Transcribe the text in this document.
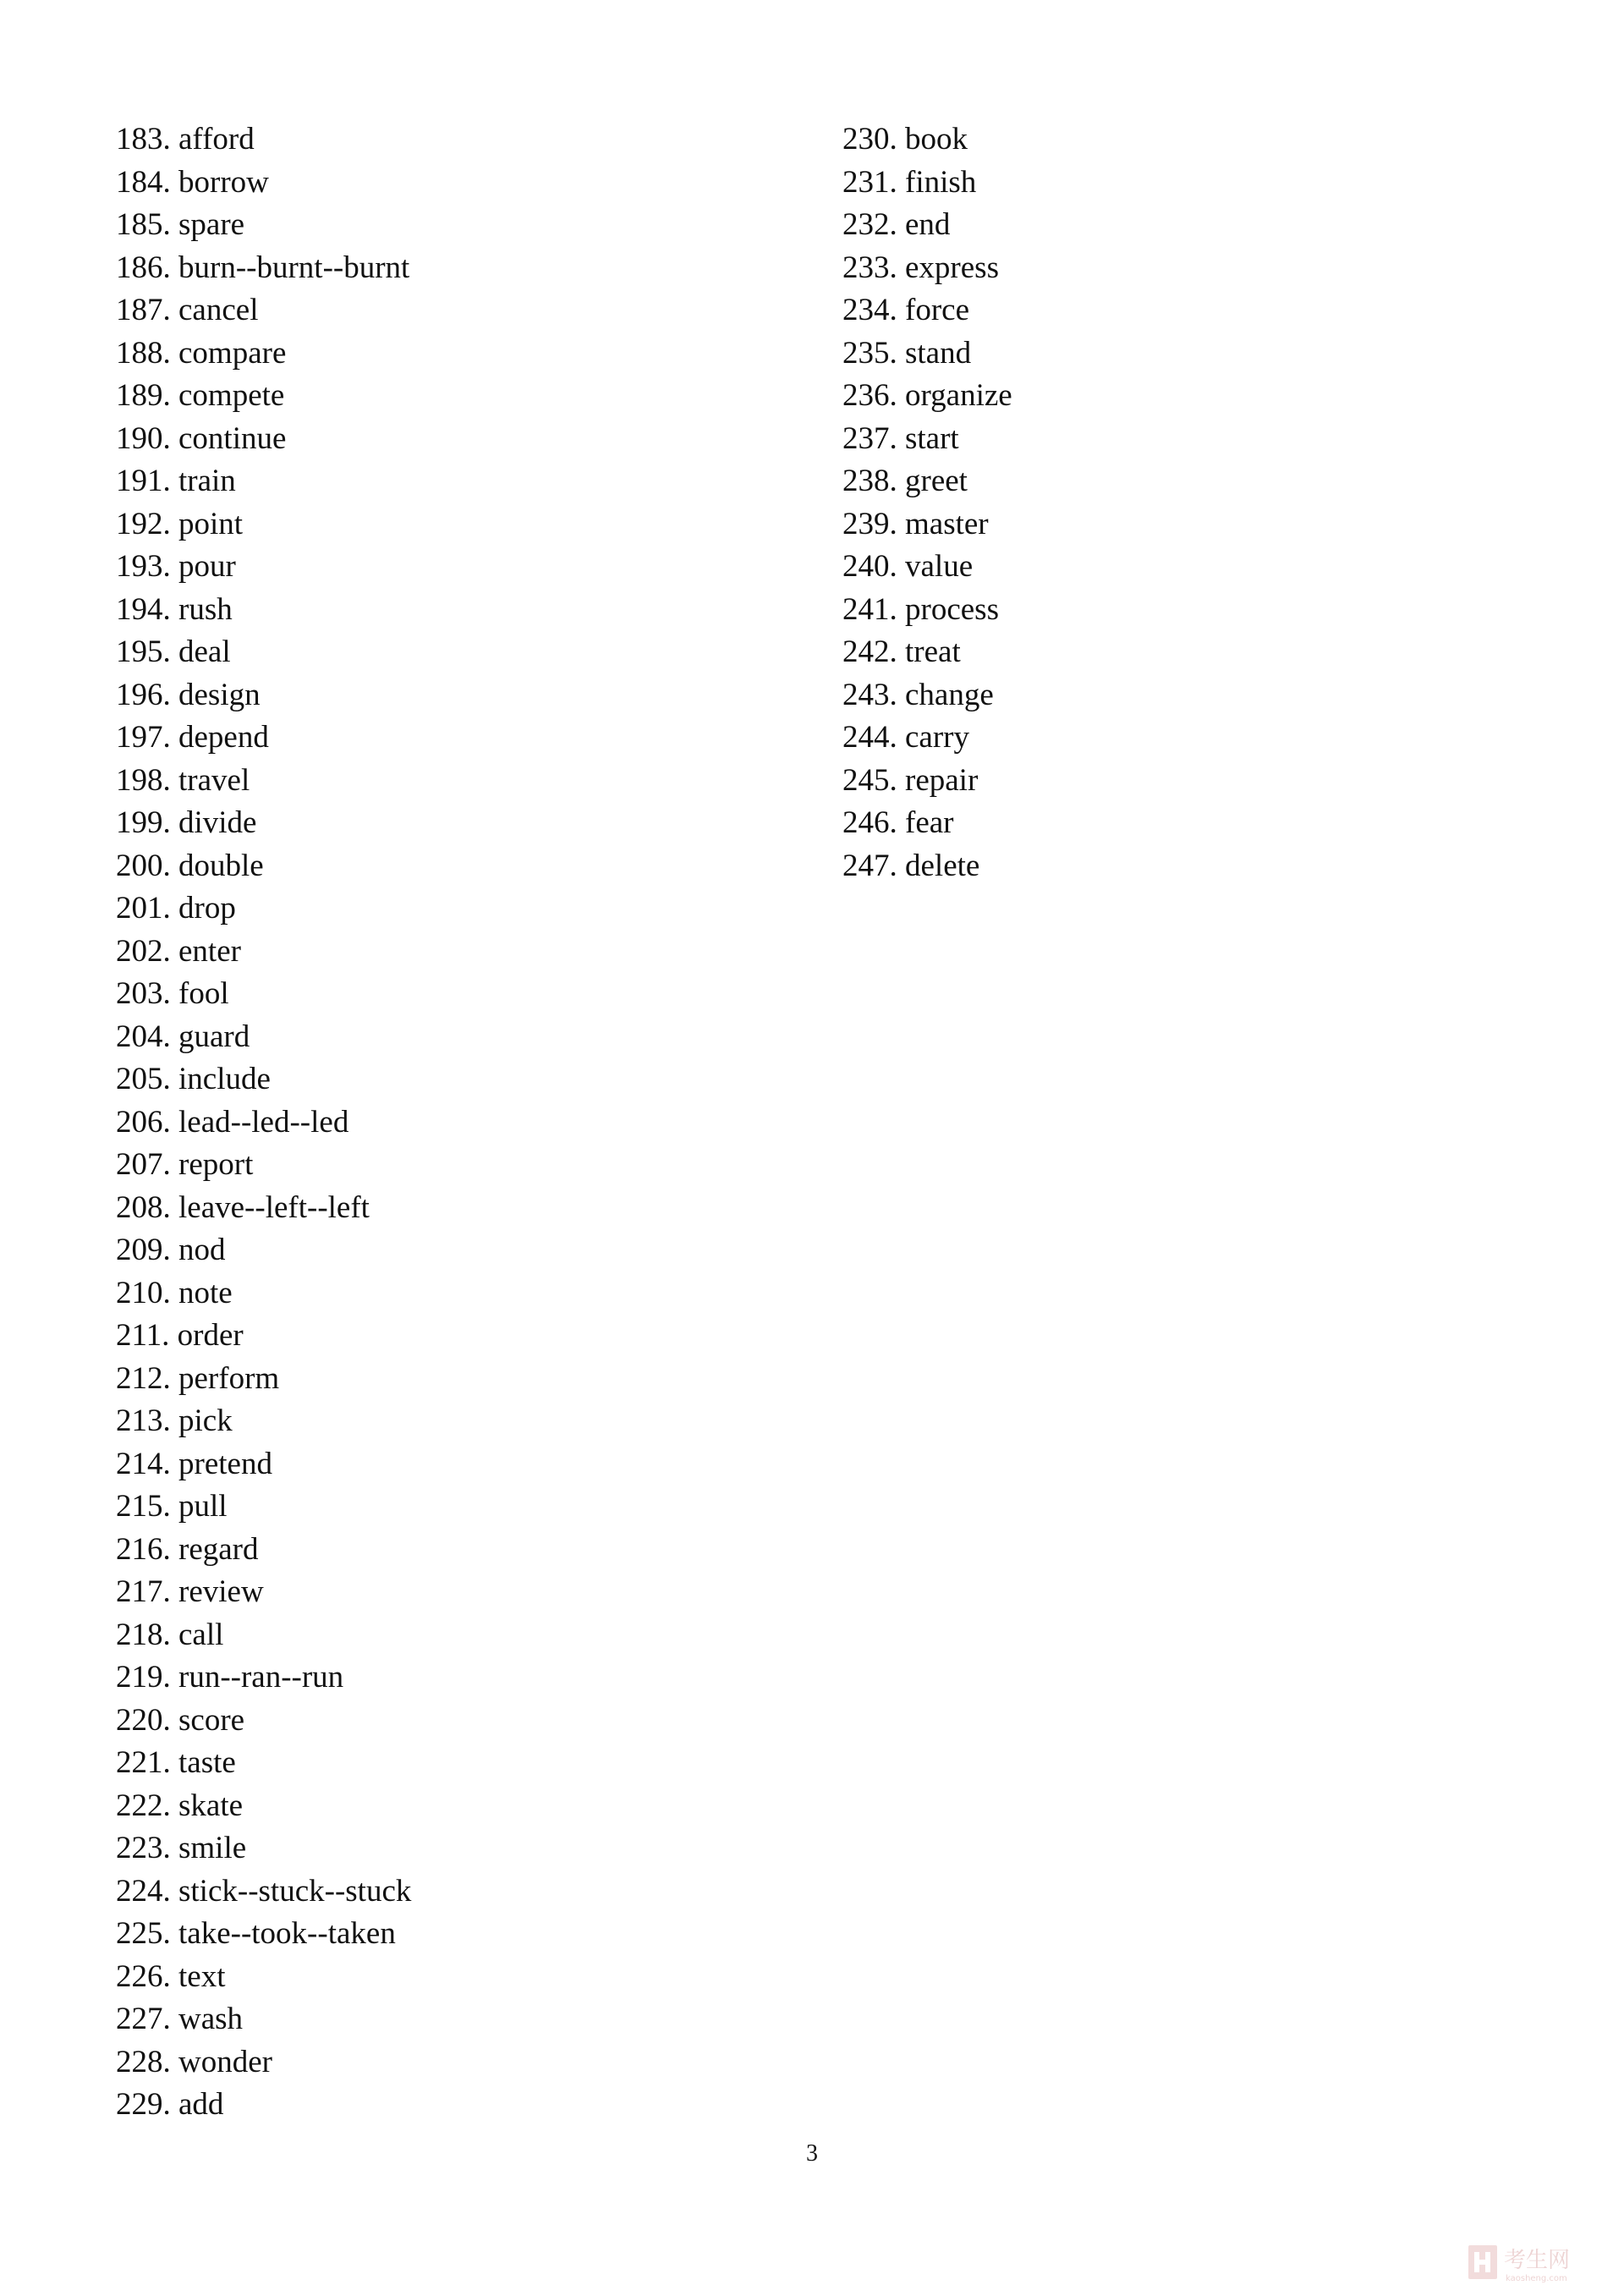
183. afford
184. borrow
185. spare
186. burn--burnt--burnt
187. cancel
188. compare
189. compete
190. continue
191. train
192. point
193. pour
194. rush
195. deal
196. design
197. depend
198. travel
199. divide
200. double
201. drop
202. enter
203. fool
204. guard
205. include
206. lead--led--led
207. report
208. leave--left--left
209. nod
210. note
211. order
212. perform
213. pick
214. pretend
215. pull
216. regard
217. review
218. call
219. run--ran--run
220. score
221. taste
222. skate
223. smile
224. stick--stuck--stuck
225. take--took--taken
226. text
227. wash
228. wonder
229. add
230. book
231. finish
232. end
233. express
234. force
235. stand
236. organize
237. start
238. greet
239. master
240. value
241. process
242. treat
243. change
244. carry
245. repair
246. fear
247. delete
3
考生网
kaosheng.com
